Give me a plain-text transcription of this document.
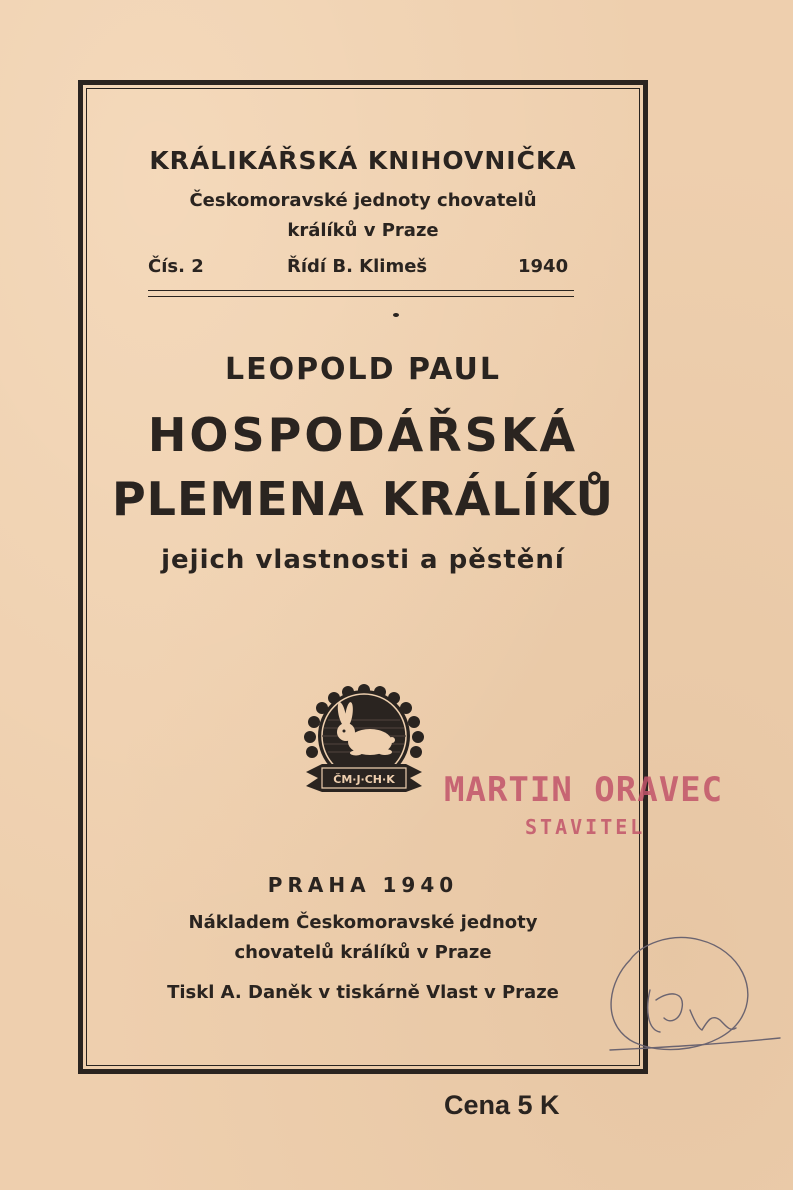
KRÁLIKÁŘSKÁ KNIHOVNIČKA
Českomoravské jednoty chovatelů
králíků v Praze
Čís. 2	Řídí B. Klimeš	1940
LEOPOLD PAUL
HOSPODÁŘSKÁ
PLEMENA KRÁLÍKŮ
jejich vlastnosti a pěstění
ČM·J·CH·K MARTIN ORAVEC
STAVITEL
PRAHA 1940
Nákladem Českomoravské jednoty
chovatelů králíků v Praze
Tiskl A. Daněk v tiskárně Vlast v Praze
Cena 5 K
